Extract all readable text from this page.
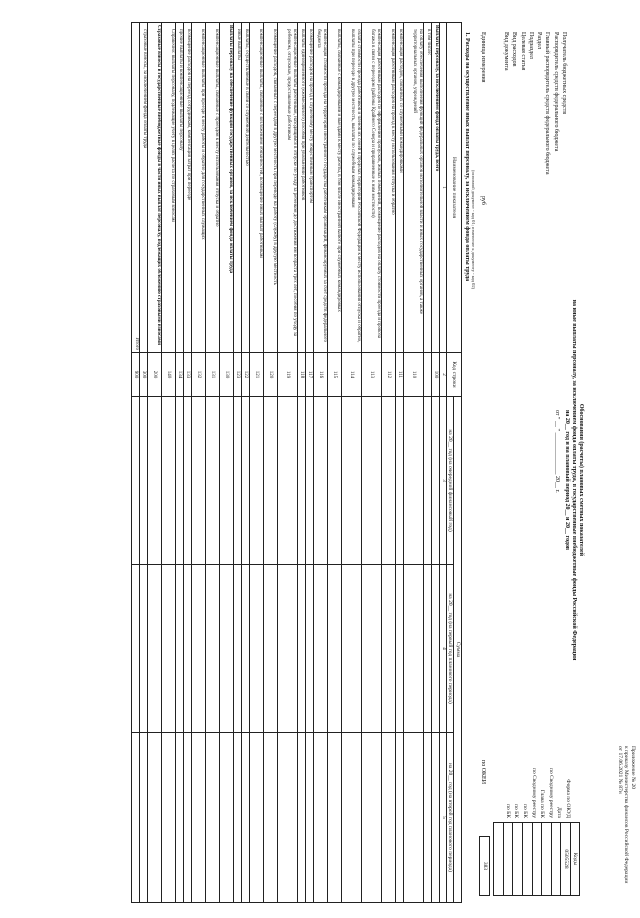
Приложение № 20
к приказу Министерства финансов Российской Федерации
от 17.06.2021 № 87н
Обоснования (расчеты) плановых сметных показателей
на иные выплаты персоналу, за исключением фонда оплаты труда, в государственные внебюджетные фонды Российской Федерации
на 20__ год и на плановый период 20__ и 20__ годов
от " __ " ______________ 20__ г.
Форма по ОКУД
Дата
по Сводному реестру
Глава по БК
по Сводному реестру
по БК
по БК
по БК
Коды
0505528
Получатель бюджетных средств
Распорядитель средств федерального бюджета
Главный распорядитель средств федерального бюджета
Раздел
Подраздел
Целевая статья
Вид расходов
Вид документа
(основной документ - код 01; изменение к документу - код 02)
Единица измерения
руб
по ОКЕИ
383
1. Расходы на осуществление иных выплат персоналу, за исключением фонда оплаты труда
Наименование показателя	Код строки	Сумма		
		на 20__ год (на очередной финансовый год)	на 20__ год (на первый год планового периода)	на 20__ год (на второй год планового периода)
1	2	3	4	5
Выплаты персоналу, за исключением фонда оплаты труда, всего	100			
в том числе:				
на оплату обеспечения выполнения функций федеральных органов исполнительной власти и иных государственных органов, а также территориальных органов, учреждений	110			
компенсация расходов, связанных со служебными командировками	111			
компенсация работникам расходов на проезд к месту использования отпуска и обратно	112			
компенсация работникам расходов по оформлению пропусков, жилых помещений, возмещение расходов на оплату стоимости проезда и провоза багажа в связи с переездом (районы Крайнего Севера и приравненные к ним местности)	113			
оплата стоимости проезда работников и членов их семей в пределах территории Российской Федерации к месту использования отпуска и обратно, выплаты при переезде в другую местность, выплаты по служебным командировкам	114			
выплаты, связанные с командировками и выездами к месту работы, в том числе иностранной валюте при служебных командировках	115			
компенсация стоимости проезда на территории иностранного государства работникам организаций, финансируемых за счет средств федерального бюджета	116			
возмещение расходов на проезд к служебному месту общественным транспортом	117			
выплаты единовременного (ежемесячного) пособия при увольнении работников	118			
компенсационные выплаты работникам, находящимся в отпуске по уходу за ребенком до достижения им возраста трех лет, пособия по уходу за ребенком, отпускные, предоставляемые работникам	119			
возмещение расходов, связанных с переездом в другую местность при переводе на работу (службу) в другую местность	120			
компенсационные выплаты, связанные с возложением обязанностей, возмещение иных выплат работникам	121			
выплаты, осуществляемые в связи со служебной деятельностью	122			
иные выплаты	123			
Выплаты персоналу на обеспечение функций государственных органов, за исключением фонда оплаты труда	130			
компенсационные выплаты, связанные с проездом к месту использования отпуска и обратно	131			
компенсационные выплаты при проезде к месту работы и обратно для государственных служащих	132			
возмещение расходов на переезд сотрудникам, компенсация затрат при переезде	133			
прочие выплаты и компенсационные выплаты персоналу	134			
Справочно: выплаты персоналу, подлежащие учету в целях расчета по страховым взносам	140			
Страховые взносы в государственные внебюджетные фонды в части иных выплат персоналу, подлежащих обложению страховыми взносами	200			
страховые взносы, за исключением фонда оплаты труда	300			
Итого	900			
